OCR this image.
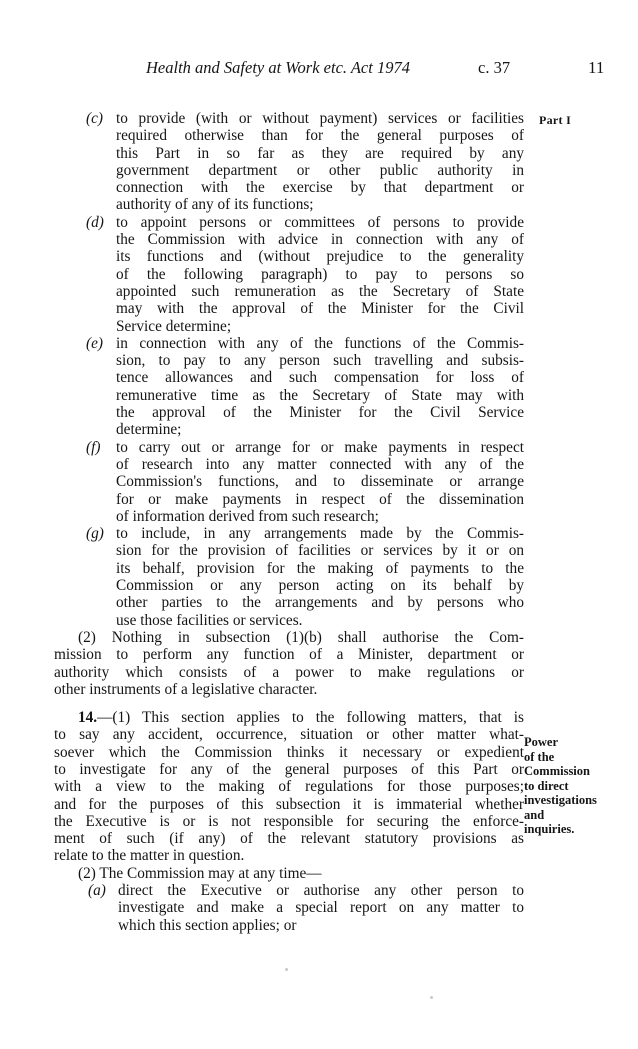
Health and Safety at Work etc. Act 1974	c. 37	11
Part I
(c) to provide (with or without payment) services or facilities
required otherwise than for the general purposes of
this Part in so far as they are required by any
government department or other public authority in
connection with the exercise by that department or
authority of any of its functions;
(d) to appoint persons or committees of persons to provide
the Commission with advice in connection with any of
its functions and (without prejudice to the generality
of the following paragraph) to pay to persons so
appointed such remuneration as the Secretary of State
may with the approval of the Minister for the Civil
Service determine;
(e) in connection with any of the functions of the Commis-
sion, to pay to any person such travelling and subsis-
tence allowances and such compensation for loss of
remunerative time as the Secretary of State may with
the approval of the Minister for the Civil Service
determine;
(f) to carry out or arrange for or make payments in respect
of research into any matter connected with any of the
Commission's functions, and to disseminate or arrange
for or make payments in respect of the dissemination
of information derived from such research;
(g) to include, in any arrangements made by the Commis-
sion for the provision of facilities or services by it or on
its behalf, provision for the making of payments to the
Commission or any person acting on its behalf by
other parties to the arrangements and by persons who
use those facilities or services.
(2) Nothing in subsection (1)(b) shall authorise the Com-
mission to perform any function of a Minister, department or
authority which consists of a power to make regulations or
other instruments of a legislative character.
14.—(1) This section applies to the following matters, that is
to say any accident, occurrence, situation or other matter what-
soever which the Commission thinks it necessary or expedient
to investigate for any of the general purposes of this Part or
with a view to the making of regulations for those purposes;
and for the purposes of this subsection it is immaterial whether
the Executive is or is not responsible for securing the enforce-
ment of such (if any) of the relevant statutory provisions as
relate to the matter in question.
(2) The Commission may at any time—
(a) direct the Executive or authorise any other person to
investigate and make a special report on any matter to
which this section applies; or
Power
of the
Commission
to direct
investigations
and
inquiries.
